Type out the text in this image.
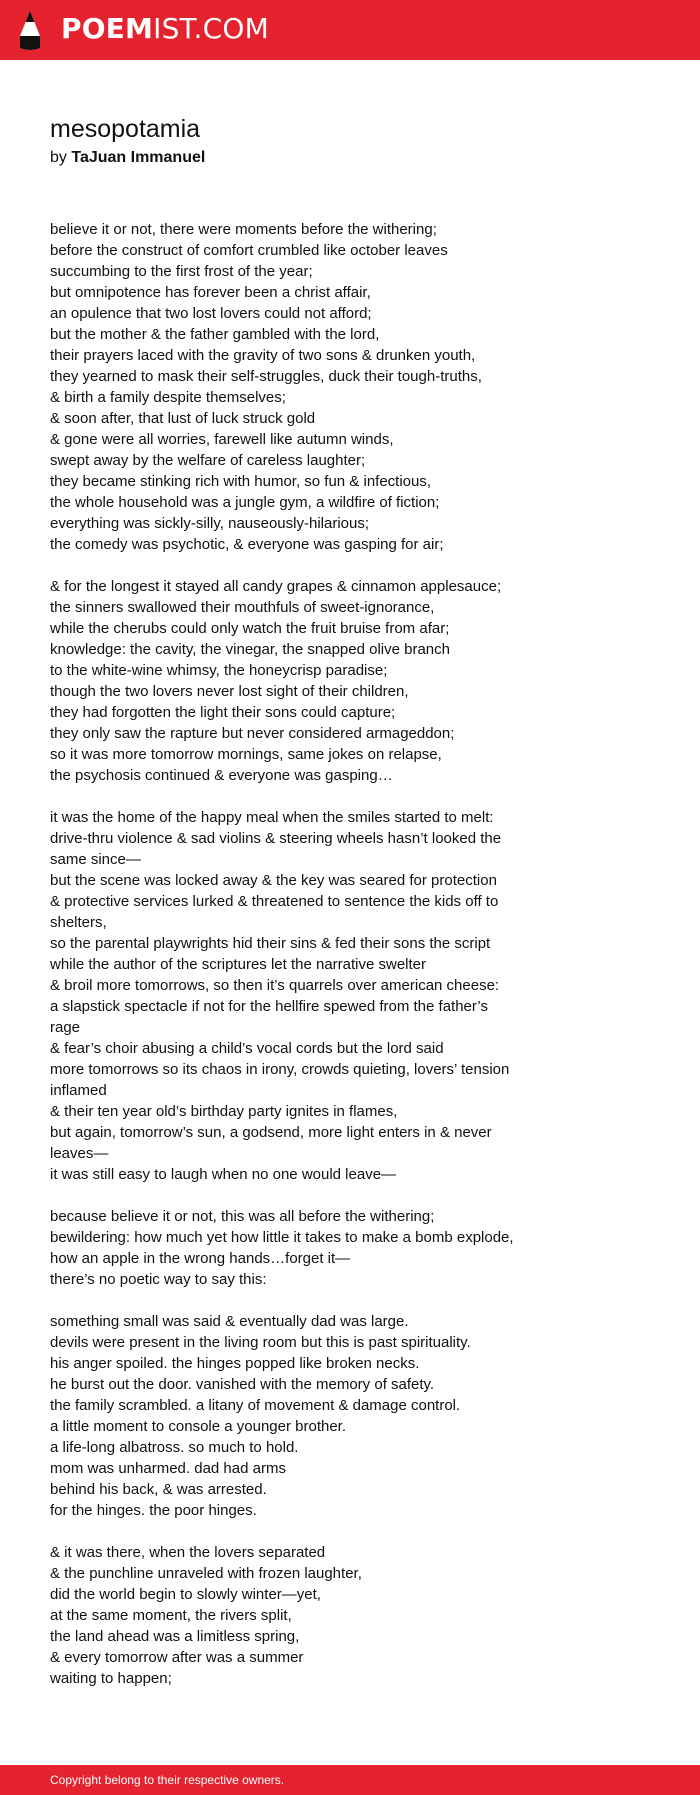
POEMIST.COM
mesopotamia
by TaJuan Immanuel
believe it or not, there were moments before the withering;
before the construct of comfort crumbled like october leaves
succumbing to the first frost of the year;
but omnipotence has forever been a christ affair,
an opulence that two lost lovers could not afford;
but the mother & the father gambled with the lord,
their prayers laced with the gravity of two sons & drunken youth,
they yearned to mask their self-struggles, duck their tough-truths,
& birth a family despite themselves;
& soon after, that lust of luck struck gold
& gone were all worries, farewell like autumn winds,
swept away by the welfare of careless laughter;
they became stinking rich with humor, so fun & infectious,
the whole household was a jungle gym, a wildfire of fiction;
everything was sickly-silly, nauseously-hilarious;
the comedy was psychotic, & everyone was gasping for air;
& for the longest it stayed all candy grapes & cinnamon applesauce;
the sinners swallowed their mouthfuls of sweet-ignorance,
while the cherubs could only watch the fruit bruise from afar;
knowledge: the cavity, the vinegar, the snapped olive branch
to the white-wine whimsy, the honeycrisp paradise;
though the two lovers never lost sight of their children,
they had forgotten the light their sons could capture;
they only saw the rapture but never considered armageddon;
so it was more tomorrow mornings, same jokes on relapse,
the psychosis continued & everyone was gasping…
it was the home of the happy meal when the smiles started to melt:
drive-thru violence & sad violins & steering wheels hasn’t looked the
same since—
but the scene was locked away & the key was seared for protection
& protective services lurked & threatened to sentence the kids off to
shelters,
so the parental playwrights hid their sins & fed their sons the script
while the author of the scriptures let the narrative swelter
& broil more tomorrows, so then it’s quarrels over american cheese:
a slapstick spectacle if not for the hellfire spewed from the father’s
rage
& fear’s choir abusing a child’s vocal cords but the lord said
more tomorrows so its chaos in irony, crowds quieting, lovers’ tension
inflamed
& their ten year old’s birthday party ignites in flames,
but again, tomorrow’s sun, a godsend, more light enters in & never
leaves—
it was still easy to laugh when no one would leave—
because believe it or not, this was all before the withering;
bewildering: how much yet how little it takes to make a bomb explode,
how an apple in the wrong hands…forget it—
there’s no poetic way to say this:
something small was said & eventually dad was large.
devils were present in the living room but this is past spirituality.
his anger spoiled. the hinges popped like broken necks.
he burst out the door. vanished with the memory of safety.
the family scrambled. a litany of movement & damage control.
a little moment to console a younger brother.
a life-long albatross. so much to hold.
mom was unharmed. dad had arms
behind his back, & was arrested.
for the hinges. the poor hinges.
& it was there, when the lovers separated
& the punchline unraveled with frozen laughter,
did the world begin to slowly winter—yet,
at the same moment, the rivers split,
the land ahead was a limitless spring,
& every tomorrow after was a summer
waiting to happen;
Copyright belong to their respective owners.
